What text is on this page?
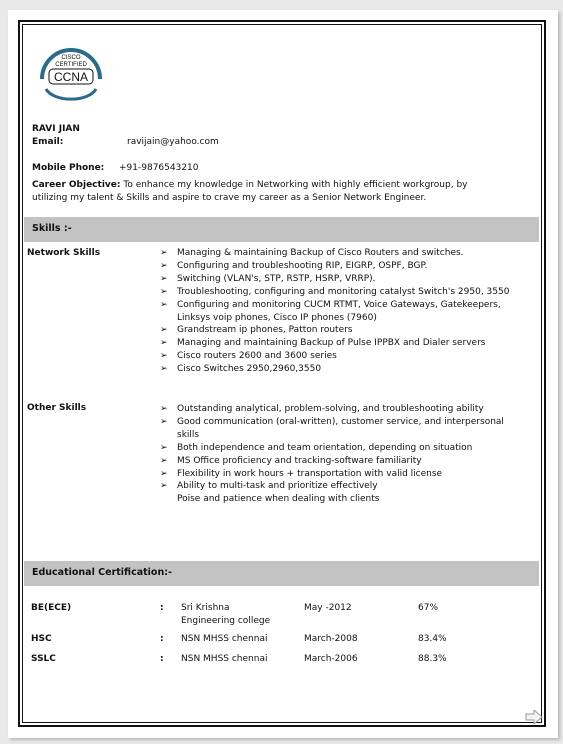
CISCO
CERTIFIED
CCNA
RAVI JIAN
Email:	ravijain@yahoo.com
Mobile Phone: +91-9876543210
Career Objective: To enhance my knowledge in Networking with highly efficient workgroup, by
utilizing my talent & Skills and aspire to crave my career as a Senior Network Engineer.
Skills :-
Network Skills	➢ Managing & maintaining Backup of Cisco Routers and switches.
➢ Configuring and troubleshooting RIP, EIGRP, OSPF, BGP.
➢ Switching (VLAN's, STP, RSTP, HSRP, VRRP).
➢ Troubleshooting, configuring and monitoring catalyst Switch's 2950, 3550
➢ Configuring and monitoring CUCM RTMT, Voice Gateways, Gatekeepers,
Linksys voip phones, Cisco IP phones (7960)
➢ Grandstream ip phones, Patton routers
➢ Managing and maintaining Backup of Pulse IPPBX and Dialer servers
➢ Cisco routers 2600 and 3600 series
➢ Cisco Switches 2950,2960,3550
Other Skills	➢ Outstanding analytical, problem-solving, and troubleshooting ability
➢ Good communication (oral-written), customer service, and interpersonal
skills
➢ Both independence and team orientation, depending on situation
➢ MS Office proficiency and tracking-software familiarity
➢ Flexibility in work hours + transportation with valid license
➢ Ability to multi-task and prioritize effectively
Poise and patience when dealing with clients
Educational Certification:-
BE(ECE)	: Sri Krishna	May -2012	67%
Engineering college
HSC	: NSN MHSS chennai	March-2008	83.4%
SSLC	: NSN MHSS chennai	March-2006	88.3%
